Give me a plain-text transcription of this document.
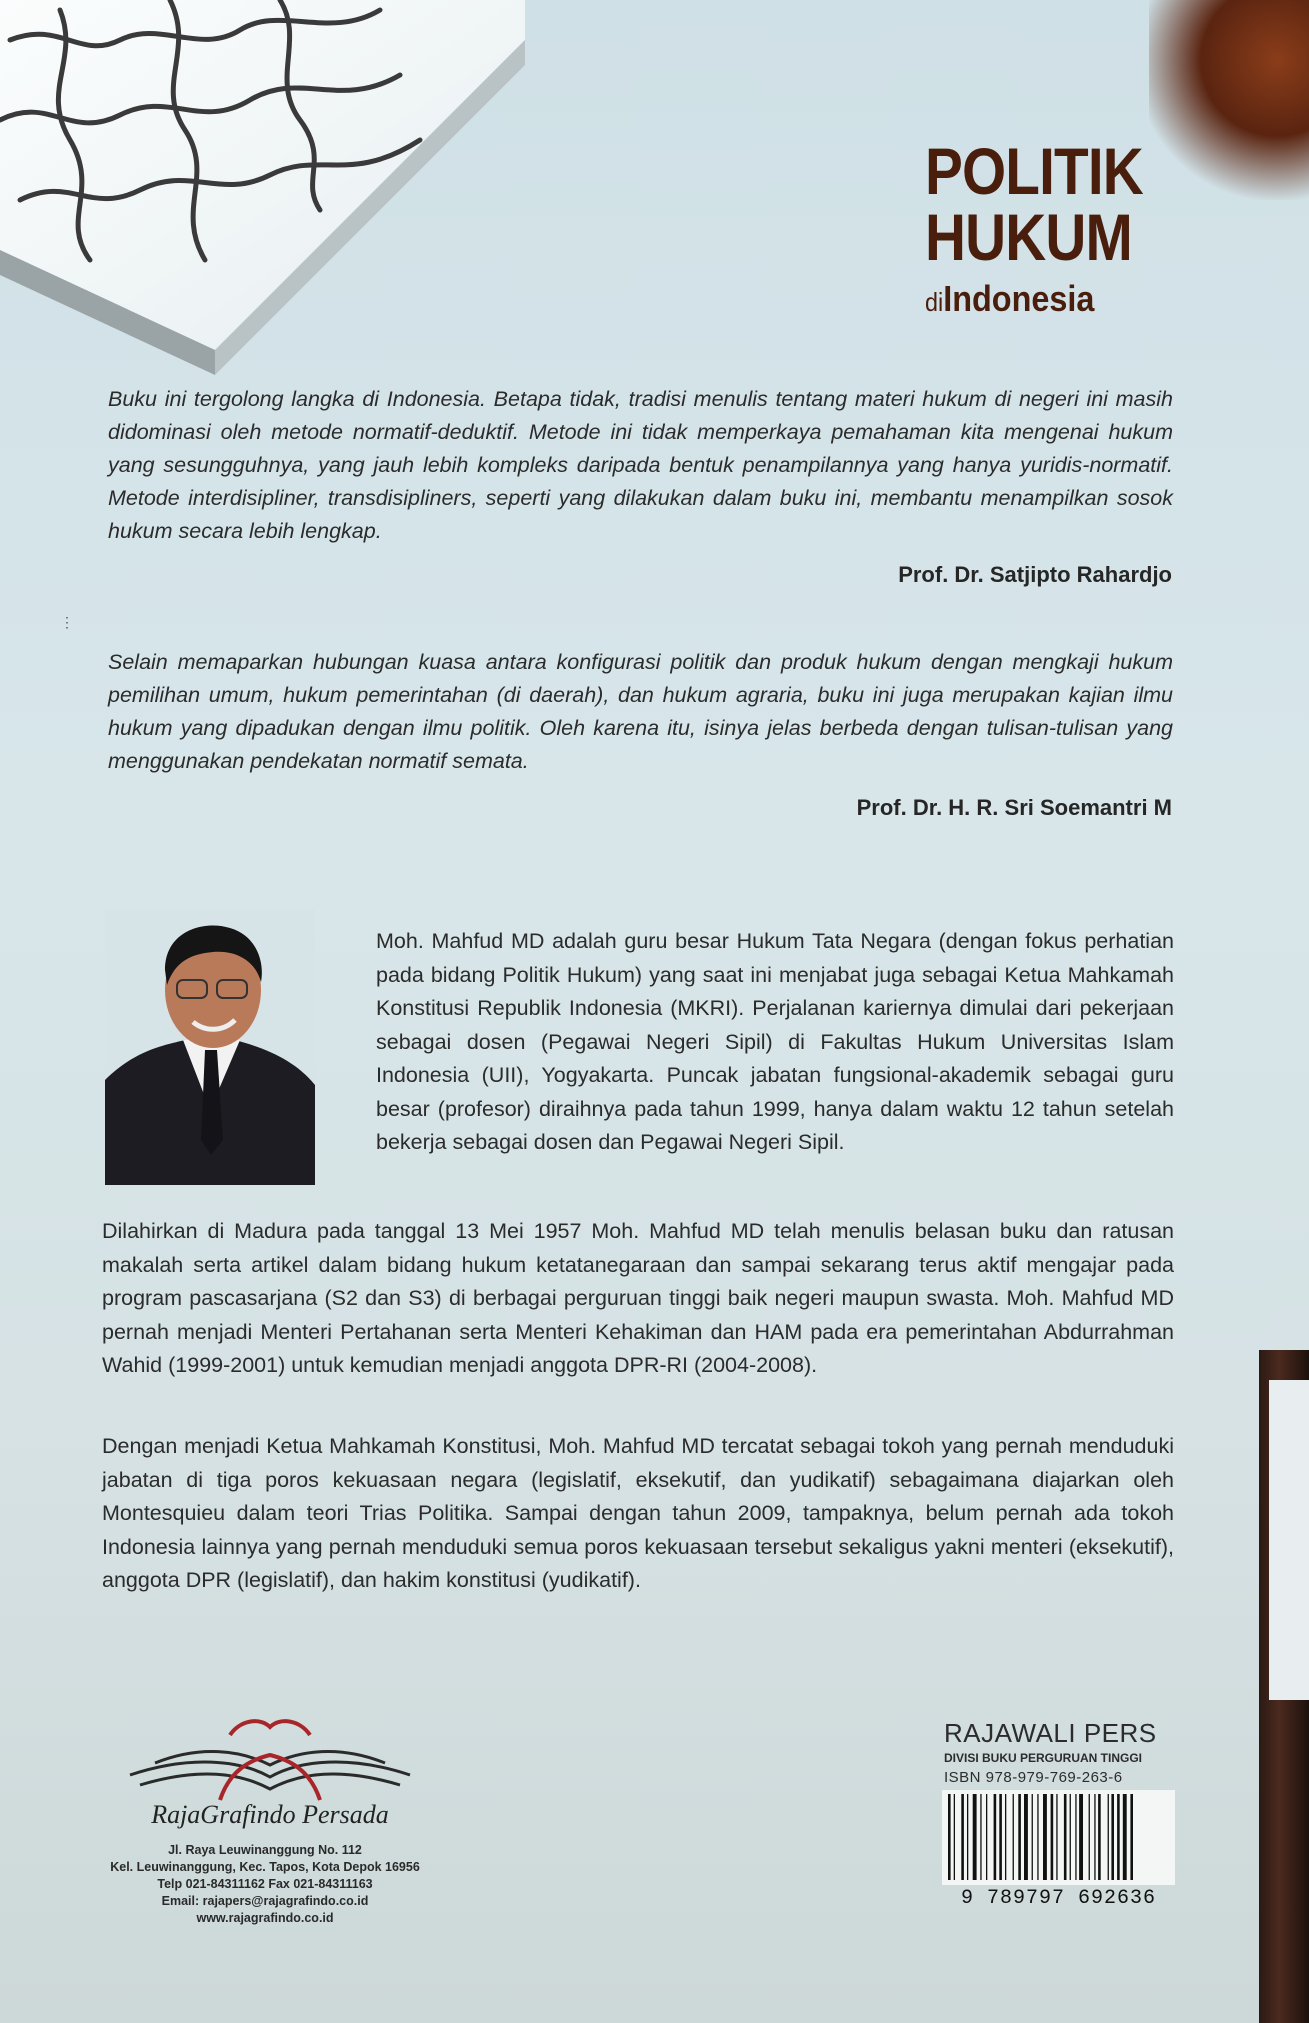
POLITIK
HUKUM
diIndonesia
Buku ini tergolong langka di Indonesia. Betapa tidak, tradisi menulis tentang materi hukum di negeri ini masih didominasi oleh metode normatif-deduktif. Metode ini tidak memperkaya pemahaman kita mengenai hukum yang sesungguhnya, yang jauh lebih kompleks daripada bentuk penampilannya yang hanya yuridis-normatif. Metode interdisipliner, transdisipliners, seperti yang dilakukan dalam buku ini, membantu menampilkan sosok hukum secara lebih lengkap.
Prof. Dr. Satjipto Rahardjo
⋮
Selain memaparkan hubungan kuasa antara konfigurasi politik dan produk hukum dengan mengkaji hukum pemilihan umum, hukum pemerintahan (di daerah), dan hukum agraria, buku ini juga merupakan kajian ilmu hukum yang dipadukan dengan ilmu politik. Oleh karena itu, isinya jelas berbeda dengan tulisan-tulisan yang menggunakan pendekatan normatif semata.
Prof. Dr. H. R. Sri Soemantri M
Moh. Mahfud MD adalah guru besar Hukum Tata Negara (dengan fokus perhatian pada bidang Politik Hukum) yang saat ini menjabat juga sebagai Ketua Mahkamah Konstitusi Republik Indonesia (MKRI). Perjalanan kariernya dimulai dari pekerjaan sebagai dosen (Pegawai Negeri Sipil) di Fakultas Hukum Universitas Islam Indonesia (UII), Yogyakarta. Puncak jabatan fungsional-akademik sebagai guru besar (profesor) diraihnya pada tahun 1999, hanya dalam waktu 12 tahun setelah bekerja sebagai dosen dan Pegawai Negeri Sipil.
Dilahirkan di Madura pada tanggal 13 Mei 1957 Moh. Mahfud MD telah menulis belasan buku dan ratusan makalah serta artikel dalam bidang hukum ketatanegaraan dan sampai sekarang terus aktif mengajar pada program pascasarjana (S2 dan S3) di berbagai perguruan tinggi baik negeri maupun swasta. Moh. Mahfud MD pernah menjadi Menteri Pertahanan serta Menteri Kehakiman dan HAM pada era pemerintahan Abdurrahman Wahid (1999-2001) untuk kemudian menjadi anggota DPR-RI (2004-2008).
Dengan menjadi Ketua Mahkamah Konstitusi, Moh. Mahfud MD tercatat sebagai tokoh yang pernah menduduki jabatan di tiga poros kekuasaan negara (legislatif, eksekutif, dan yudikatif) sebagaimana diajarkan oleh Montesquieu dalam teori Trias Politika. Sampai dengan tahun 2009, tampaknya, belum pernah ada tokoh Indonesia lainnya yang pernah menduduki semua poros kekuasaan tersebut sekaligus yakni menteri (eksekutif), anggota DPR (legislatif), dan hakim konstitusi (yudikatif).
RajaGrafindo Persada
Jl. Raya Leuwinanggung No. 112
Kel. Leuwinanggung, Kec. Tapos, Kota Depok 16956
Telp 021-84311162 Fax 021-84311163
Email: rajapers@rajagrafindo.co.id
www.rajagrafindo.co.id
RAJAWALI PERS
DIVISI BUKU PERGURUAN TINGGI
ISBN 978-979-769-263-6
9 789797 692636
